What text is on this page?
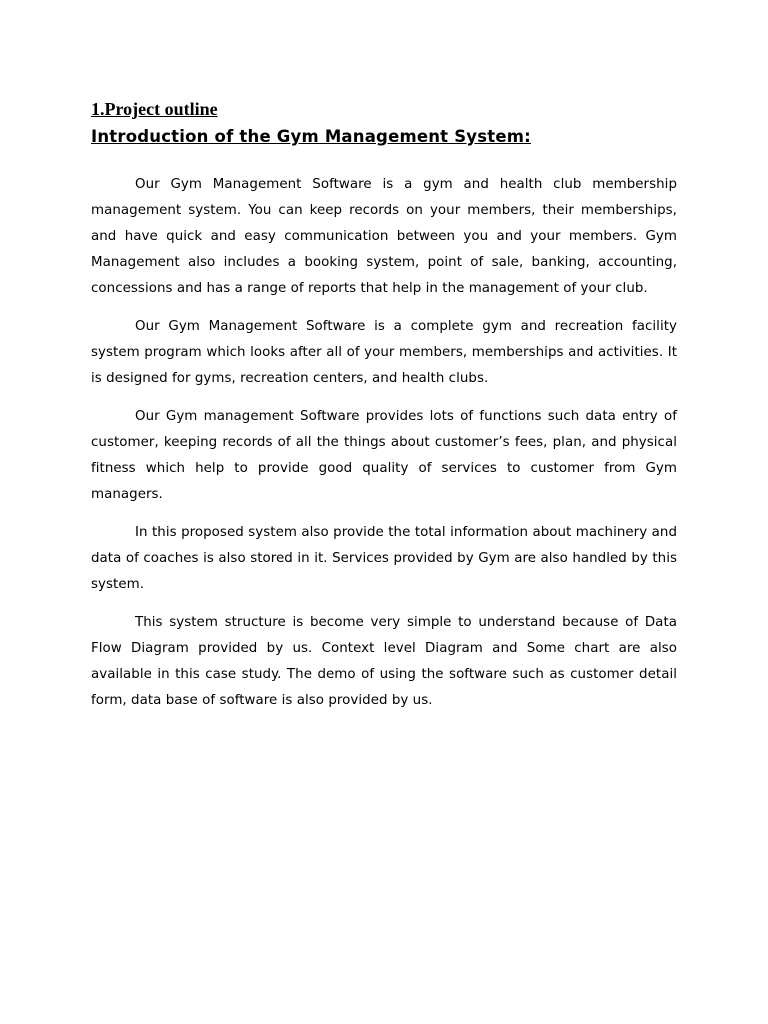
1.Project outline
Introduction of the Gym Management System:

Our Gym Management Software is a gym and health club membership management system. You can keep records on your members, their memberships, and have quick and easy communication between you and your members. Gym Management also includes a booking system, point of sale, banking, accounting, concessions and has a range of reports that help in the management of your club.

Our Gym Management Software is a complete gym and recreation facility system program which looks after all of your members, memberships and activities. It is designed for gyms, recreation centers, and health clubs.

Our Gym management Software provides lots of functions such data entry of customer, keeping records of all the things about customer’s fees, plan, and physical fitness which help to provide good quality of services to customer from Gym managers.

In this proposed system also provide the total information about machinery and data of coaches is also stored in it. Services provided by Gym are also handled by this system.

This system structure is become very simple to understand because of Data Flow Diagram provided by us. Context level Diagram and Some chart are also available in this case study. The demo of using the software such as customer detail form, data base of software is also provided by us.
